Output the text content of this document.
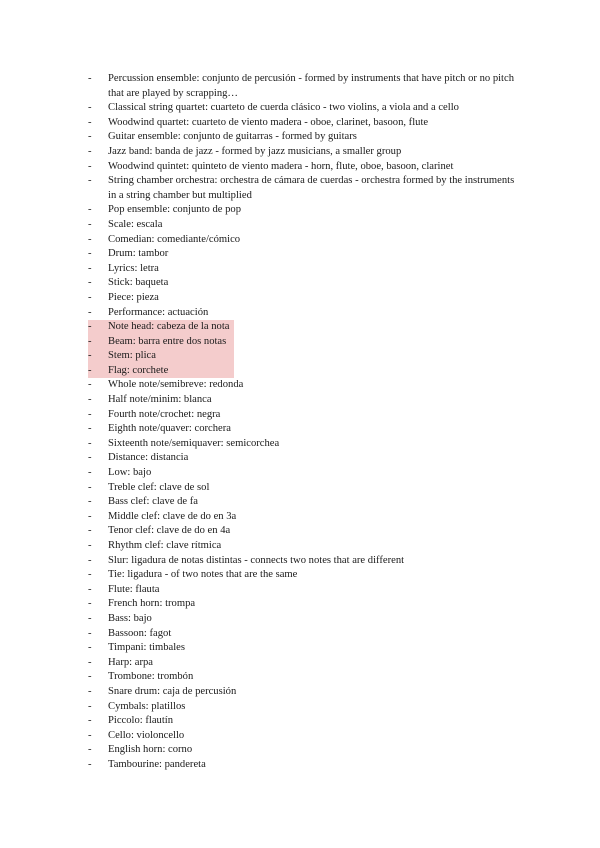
-	Percussion ensemble: conjunto de percusión - formed by instruments that have pitch or no pitch that are played by scrapping…
-	Classical string quartet: cuarteto de cuerda clásico - two violins, a viola and a cello
-	Woodwind quartet: cuarteto de viento madera - oboe, clarinet, basoon, flute
-	Guitar ensemble: conjunto de guitarras - formed by guitars
-	Jazz band: banda de jazz - formed by jazz musicians, a smaller group
-	Woodwind quintet: quinteto de viento madera - horn, flute, oboe, basoon, clarinet
-	String chamber orchestra: orchestra de cámara de cuerdas - orchestra formed by the instruments in a string chamber but multiplied
-	Pop ensemble: conjunto de pop
-	Scale: escala
-	Comedian: comediante/cómico
-	Drum: tambor
-	Lyrics: letra
-	Stick: baqueta
-	Piece: pieza
-	Performance: actuación
-	Note head: cabeza de la nota
-	Beam: barra entre dos notas
-	Stem: plica
-	Flag: corchete
-	Whole note/semibreve: redonda
-	Half note/minim: blanca
-	Fourth note/crochet: negra
-	Eighth note/quaver: corchera
-	Sixteenth note/semiquaver: semicorchea
-	Distance: distancia
-	Low: bajo
-	Treble clef: clave de sol
-	Bass clef: clave de fa
-	Middle clef: clave de do en 3a
-	Tenor clef: clave de do en 4a
-	Rhythm clef: clave rítmica
-	Slur: ligadura de notas distintas - connects two notes that are different
-	Tie: ligadura - of two notes that are the same
-	Flute: flauta
-	French horn: trompa
-	Bass: bajo
-	Bassoon: fagot
-	Timpani: timbales
-	Harp: arpa
-	Trombone: trombón
-	Snare drum: caja de percusión
-	Cymbals: platillos
-	Piccolo: flautín
-	Cello: violoncello
-	English horn: corno
-	Tambourine: pandereta
